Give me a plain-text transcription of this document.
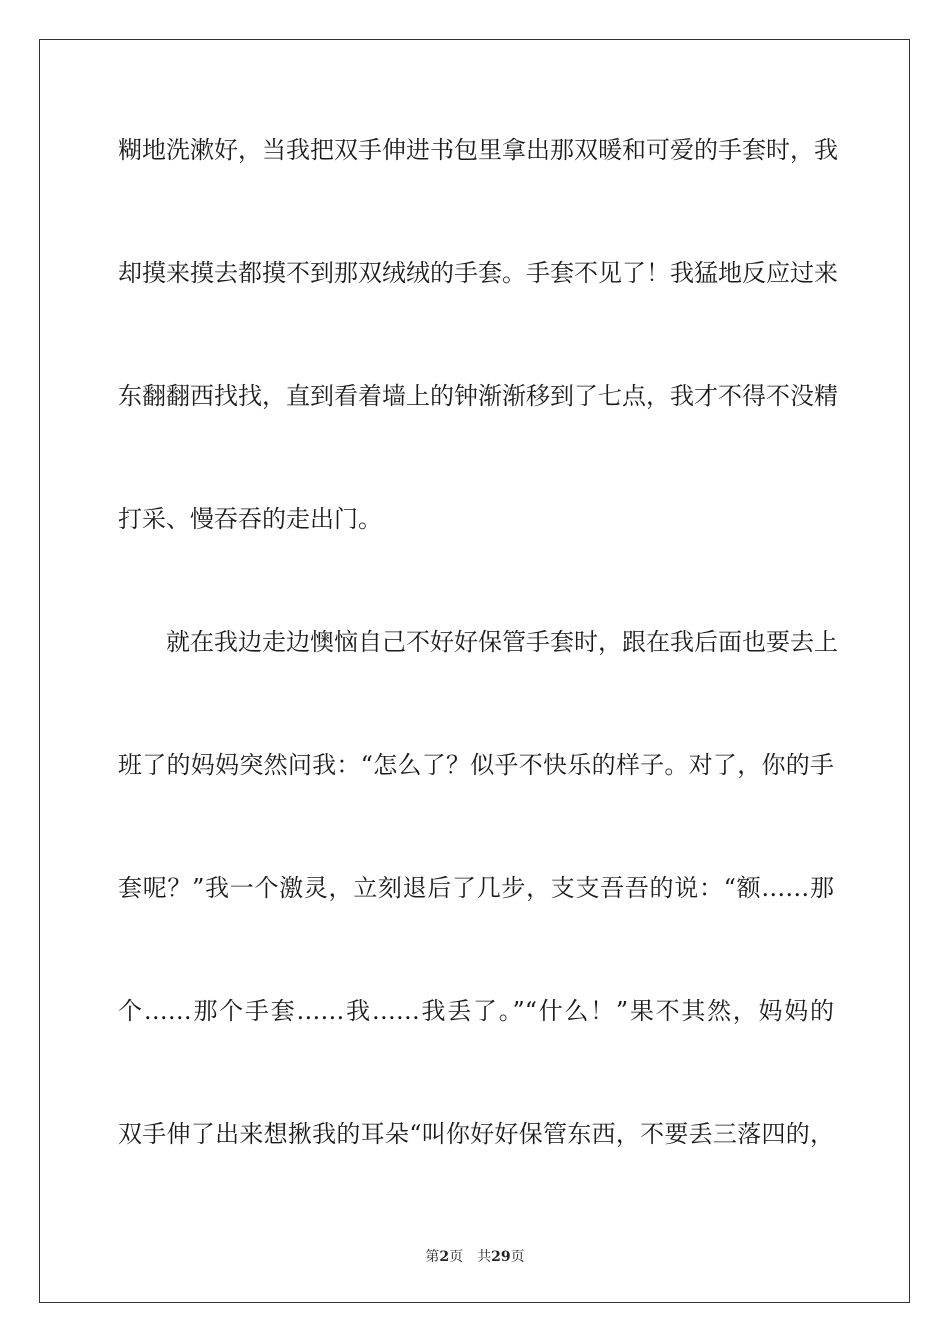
糊地洗漱好，当我把双手伸进书包里拿出那双暖和可爱的手套时，我
却摸来摸去都摸不到那双绒绒的手套。手套不见了！我猛地反应过来
东翻翻西找找，直到看着墙上的钟渐渐移到了七点，我才不得不没精
打采、慢吞吞的走出门。
　　就在我边走边懊恼自己不好好保管手套时，跟在我后面也要去上
班了的妈妈突然问我：“怎么了？似乎不快乐的样子。对了，你的手
套呢？”我一个激灵，立刻退后了几步，支支吾吾的说：“额……那
个……那个手套……我……我丢了。”“什么！”果不其然，妈妈的
双手伸了出来想揪我的耳朵“叫你好好保管东西，不要丢三落四的，
第2页 共29页
